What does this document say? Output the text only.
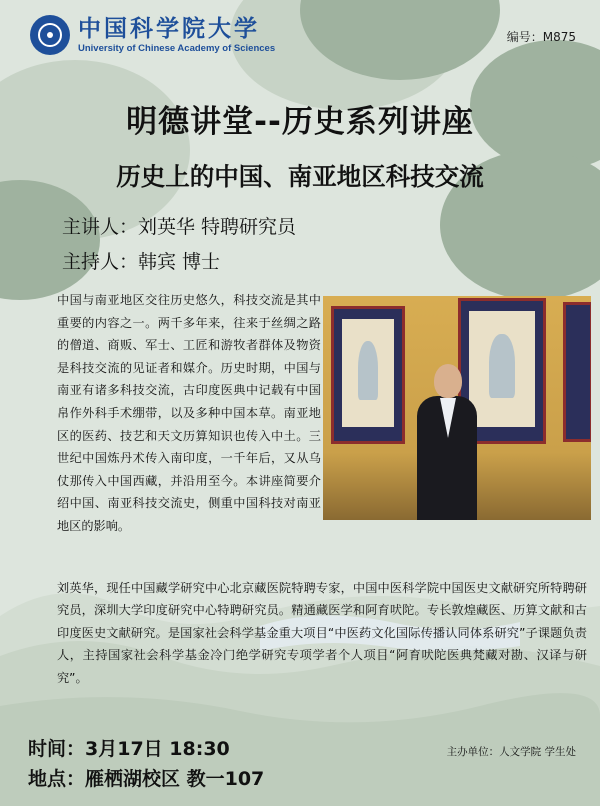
中国科学院大学
University of Chinese Academy of Sciences
编号：M875
明德讲堂--历史系列讲座
历史上的中国、南亚地区科技交流
主讲人：刘英华 特聘研究员
主持人：韩宾 博士
中国与南亚地区交往历史悠久，科技交流是其中重要的内容之一。两千多年来，往来于丝绸之路的僧道、商贩、军士、工匠和游牧者群体及物资是科技交流的见证者和媒介。历史时期，中国与南亚有诸多科技交流，古印度医典中记载有中国帛作外科手术绷带，以及多种中国本草。南亚地区的医药、技艺和天文历算知识也传入中土。三世纪中国炼丹术传入南印度，一千年后，又从乌仗那传入中国西藏，并沿用至今。本讲座简要介绍中国、南亚科技交流史，侧重中国科技对南亚地区的影响。
刘英华，现任中国藏学研究中心北京藏医院特聘专家，中国中医科学院中国医史文献研究所特聘研究员，深圳大学印度研究中心特聘研究员。精通藏医学和阿育吠陀。专长敦煌藏医、历算文献和古印度医史文献研究。是国家社会科学基金重大项目“中医药文化国际传播认同体系研究”子课题负责人，主持国家社会科学基金冷门绝学研究专项学者个人项目“阿育吠陀医典梵藏对勘、汉译与研究”。
时间：3月17日 18:30
地点：雁栖湖校区 教一107
主办单位：人文学院 学生处
